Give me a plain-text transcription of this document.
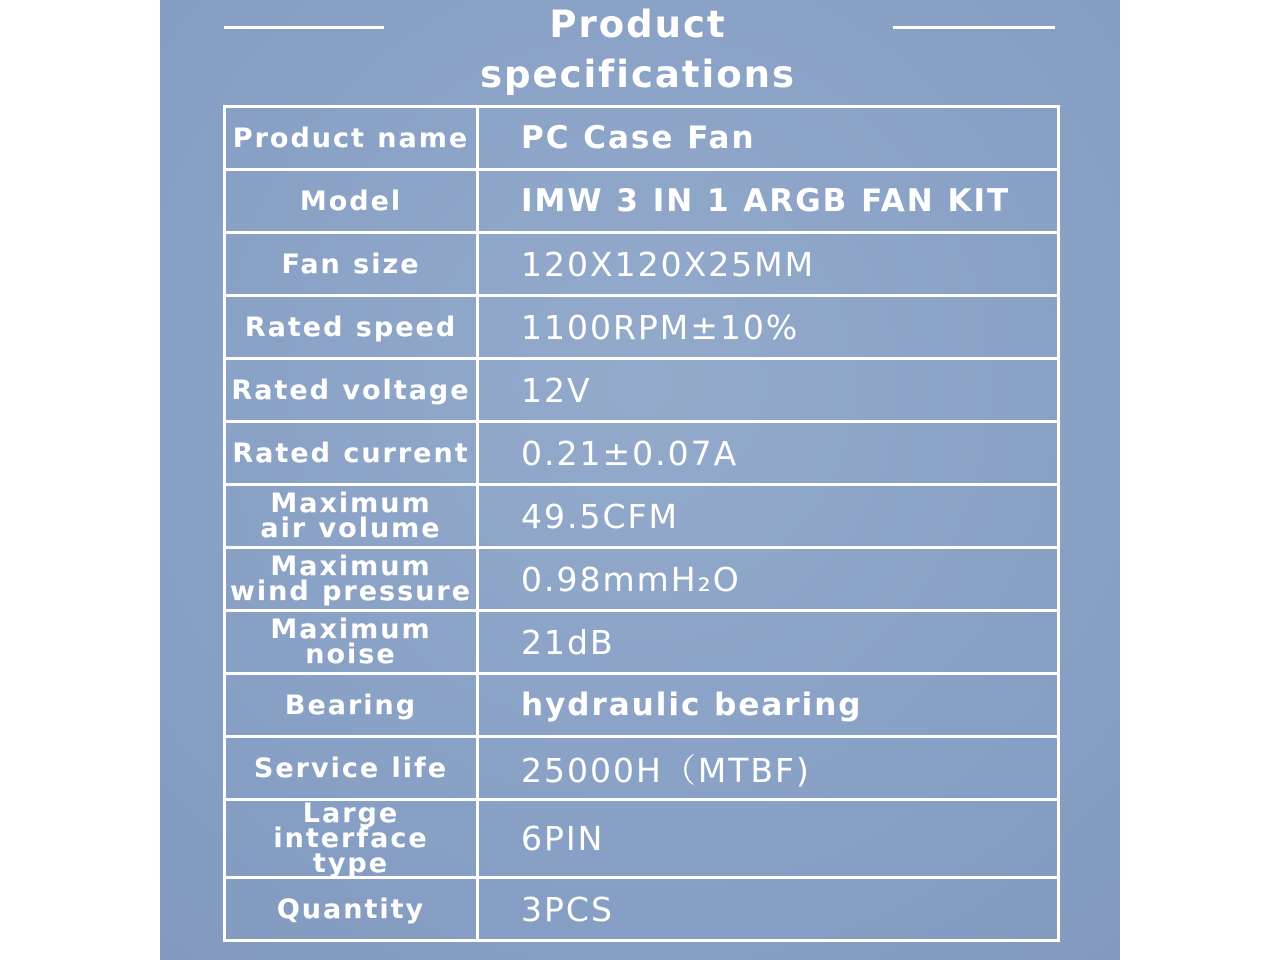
Product specifications
Product name	PC Case Fan
Model	IMW 3 IN 1 ARGB FAN KIT
Fan size	120X120X25MM
Rated speed	1100RPM±10%
Rated voltage	12V
Rated current	0.21±0.07A

Maximum
air volume	49.5CFM

Maximum
wind pressure	0.98mmH₂O
Maximum noise	21dB
Bearing	hydraulic bearing
Service life	25000H（MTBF)

Large interface
type	6PIN
Quantity	3PCS
